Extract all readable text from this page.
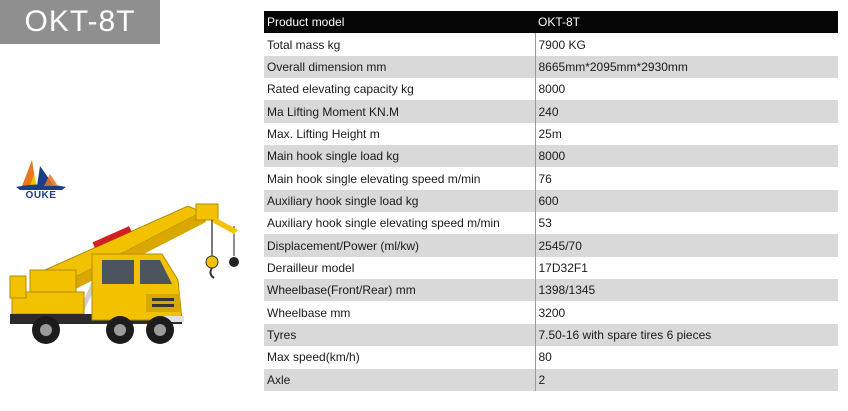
OKT-8T
OUKE
Product model	OKT-8T
Total mass kg	7900 KG
Overall dimension mm	8665mm*2095mm*2930mm
Rated elevating capacity kg	8000
Ma Lifting Moment KN.M	240
Max. Lifting Height m	25m
Main hook single load kg	8000
Main hook single elevating speed m/min	76
Auxiliary hook single load kg	600
Auxiliary hook single elevating speed m/min	53
Displacement/Power (ml/kw)	2545/70
Derailleur model	17D32F1
Wheelbase(Front/Rear) mm	1398/1345
Wheelbase mm	3200
Tyres	7.50-16 with spare tires 6 pieces
Max speed(km/h)	80
Axle	2
